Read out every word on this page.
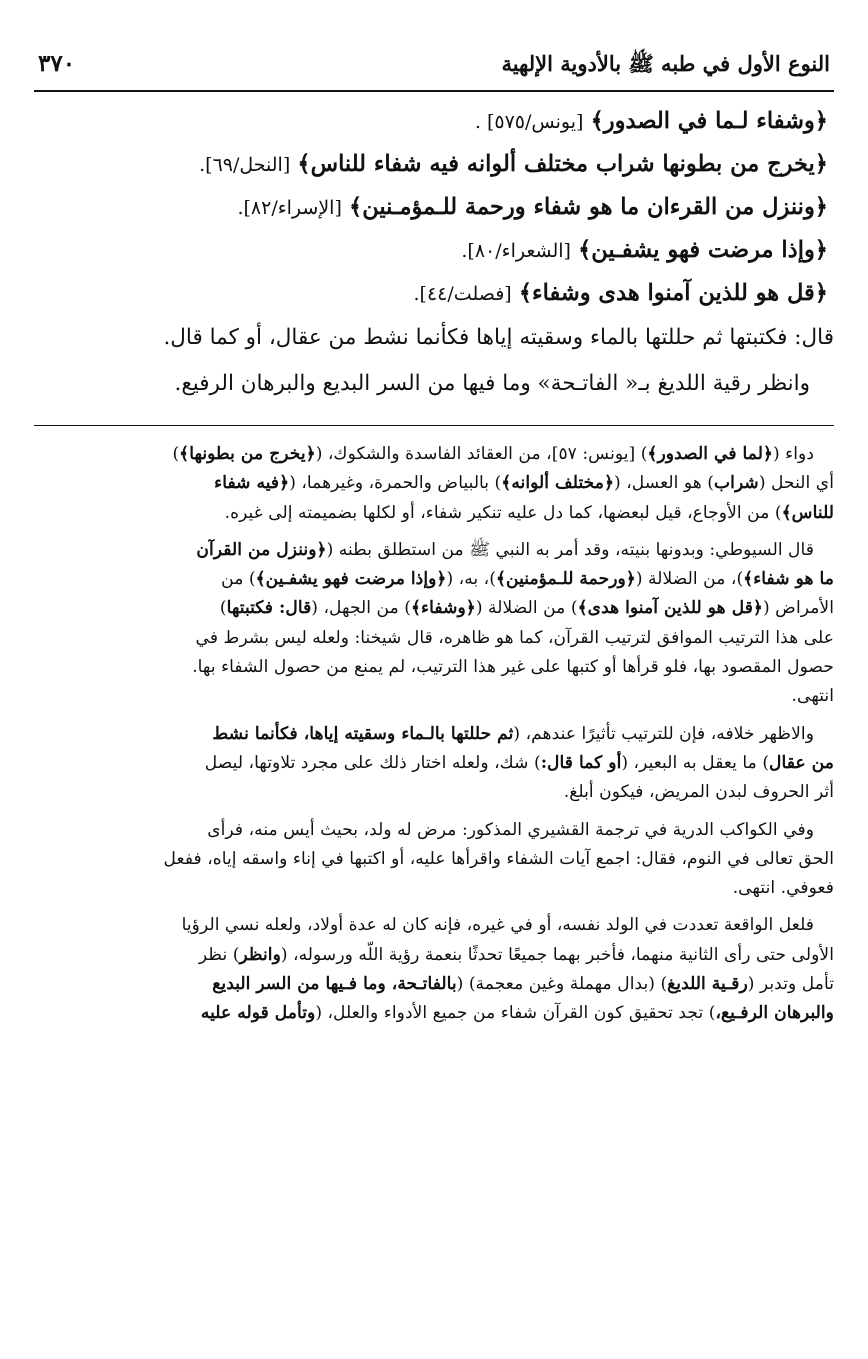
النوع الأول في طبه ﷺ بالأدوية الإلهية
٣٧٠
﴿وشفاء لـما في الصدور﴾ [يونس/٥٧٥] .
﴿يخرج من بطونها شراب مختلف ألوانه فيه شفاء للناس﴾ [النحل/٦٩].
﴿وننزل من القرءان ما هو شفاء ورحمة للـمؤمـنين﴾ [الإسراء/٨٢].
﴿وإذا مرضت فهو يشفـين﴾ [الشعراء/٨٠].
﴿قل هو للذين آمنوا هدى وشفاء﴾ [فصلت/٤٤].

قال: فكتبتها ثم حللتها بالماء وسقيته إياها فكأنما نشط من عقال، أو كما قال.

وانظر رقية اللديغ بـ« الفاتـحة» وما فيها من السر البديع والبرهان الرفيع.

دواء (﴿لما في الصدور﴾) [يونس: ٥٧]، من العقائد الفاسدة والشكوك، (﴿يخرج من بطونها﴾)

أي النحل (شراب) هو العسل، (﴿مختلف ألوانه﴾) بالبياض والحمرة، وغيرهما، (﴿فيه شفاء

للناس﴾) من الأوجاع، قيل لبعضها، كما دل عليه تنكير شفاء، أو لكلها بضميمته إلى غيره.

قال السيوطي: وبدونها بنيته، وقد أمر به النبي ﷺ من استطلق بطنه (﴿وننزل من القرآن

ما هو شفاء﴾)، من الضلالة (﴿ورحمة للـمؤمنين﴾)، به، (﴿وإذا مرضت فهو يشفـين﴾) من

الأمراض (﴿قل هو للذين آمنوا هدى﴾) من الضلالة (﴿وشفاء﴾) من الجهل، (قال: فكتبتها)

على هذا الترتيب الموافق لترتيب القرآن، كما هو ظاهره، قال شيخنا: ولعله ليس بشرط في

حصول المقصود بها، فلو قرأها أو كتبها على غير هذا الترتيب، لم يمنع من حصول الشفاء بها.

انتهى.

والاظهر خلافه، فإن للترتيب تأثيرًا عندهم، (ثم حللتها بالـماء وسقيته إياها، فكأنما نشط

من عقال) ما يعقل به البعير، (أو كما قال:) شك، ولعله اختار ذلك على مجرد تلاوتها، ليصل

أثر الحروف لبدن المريض، فيكون أبلغ.

وفي الكواكب الدرية في ترجمة القشيري المذكور: مرض له ولد، بحيث أيس منه، فرأى

الحق تعالى في النوم، فقال: اجمع آيات الشفاء واقرأها عليه، أو اكتبها في إناء واسقه إياه، ففعل

فعوفي. انتهى.

فلعل الواقعة تعددت في الولد نفسه، أو في غيره، فإنه كان له عدة أولاد، ولعله نسي الرؤيا

الأولى حتى رأى الثانية منهما، فأخبر بهما جميعًا تحدثًا بنعمة رؤية اللّه ورسوله، (وانظر) نظر

تأمل وتدبر (رقـية اللديغ) (بدال مهملة وغين معجمة) (بالفاتـحة، وما فـيها من السر البديع

والبرهان الرفـيع،) تجد تحقيق كون القرآن شفاء من جميع الأدواء والعلل، (وتأمل قوله عليه
